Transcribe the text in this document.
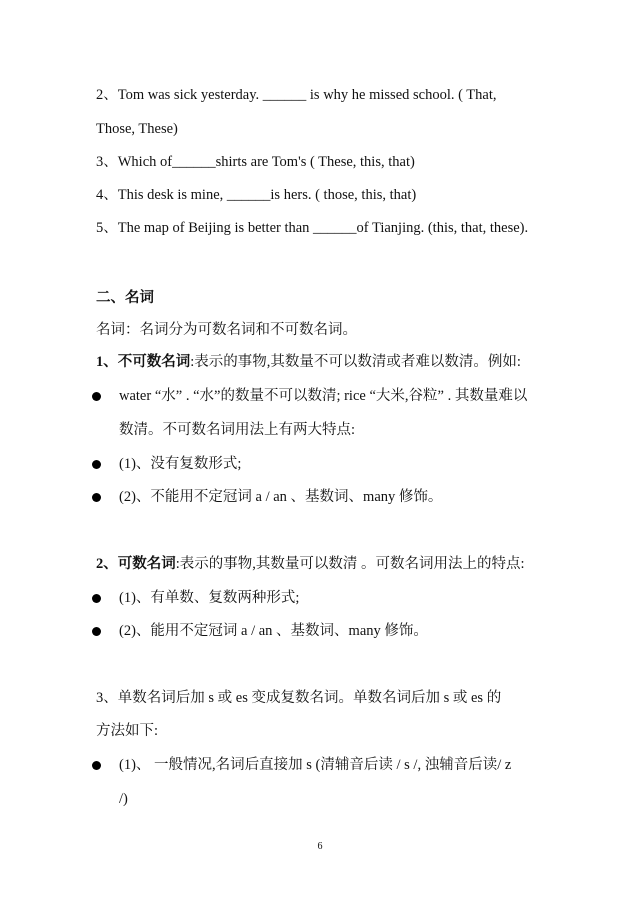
2、Tom was sick yesterday. ______ is why he missed school. ( That,
Those, These)
3、Which of______shirts are Tom's ( These, this, that)
4、This desk is mine, ______is hers. ( those, this, that)
5、The map of Beijing is better than ______of Tianjing. (this, that, these).
二、名词
名词：名词分为可数名词和不可数名词。
1、不可数名词:表示的事物,其数量不可以数清或者难以数清。例如:
water “水” . “水”的数量不可以数清; rice “大米,谷粒” . 其数量难以
数清。不可数名词用法上有两大特点:
(1)、没有复数形式;
(2)、不能用不定冠词 a / an 、基数词、many 修饰。
2、可数名词:表示的事物,其数量可以数清 。可数名词用法上的特点:
(1)、有单数、复数两种形式;
(2)、能用不定冠词 a / an 、基数词、many 修饰。
3、单数名词后加 s 或 es 变成复数名词。单数名词后加 s 或 es 的
方法如下:
(1)、 一般情况,名词后直接加 s (清辅音后读 / s /, 浊辅音后读/ z
/)
6
